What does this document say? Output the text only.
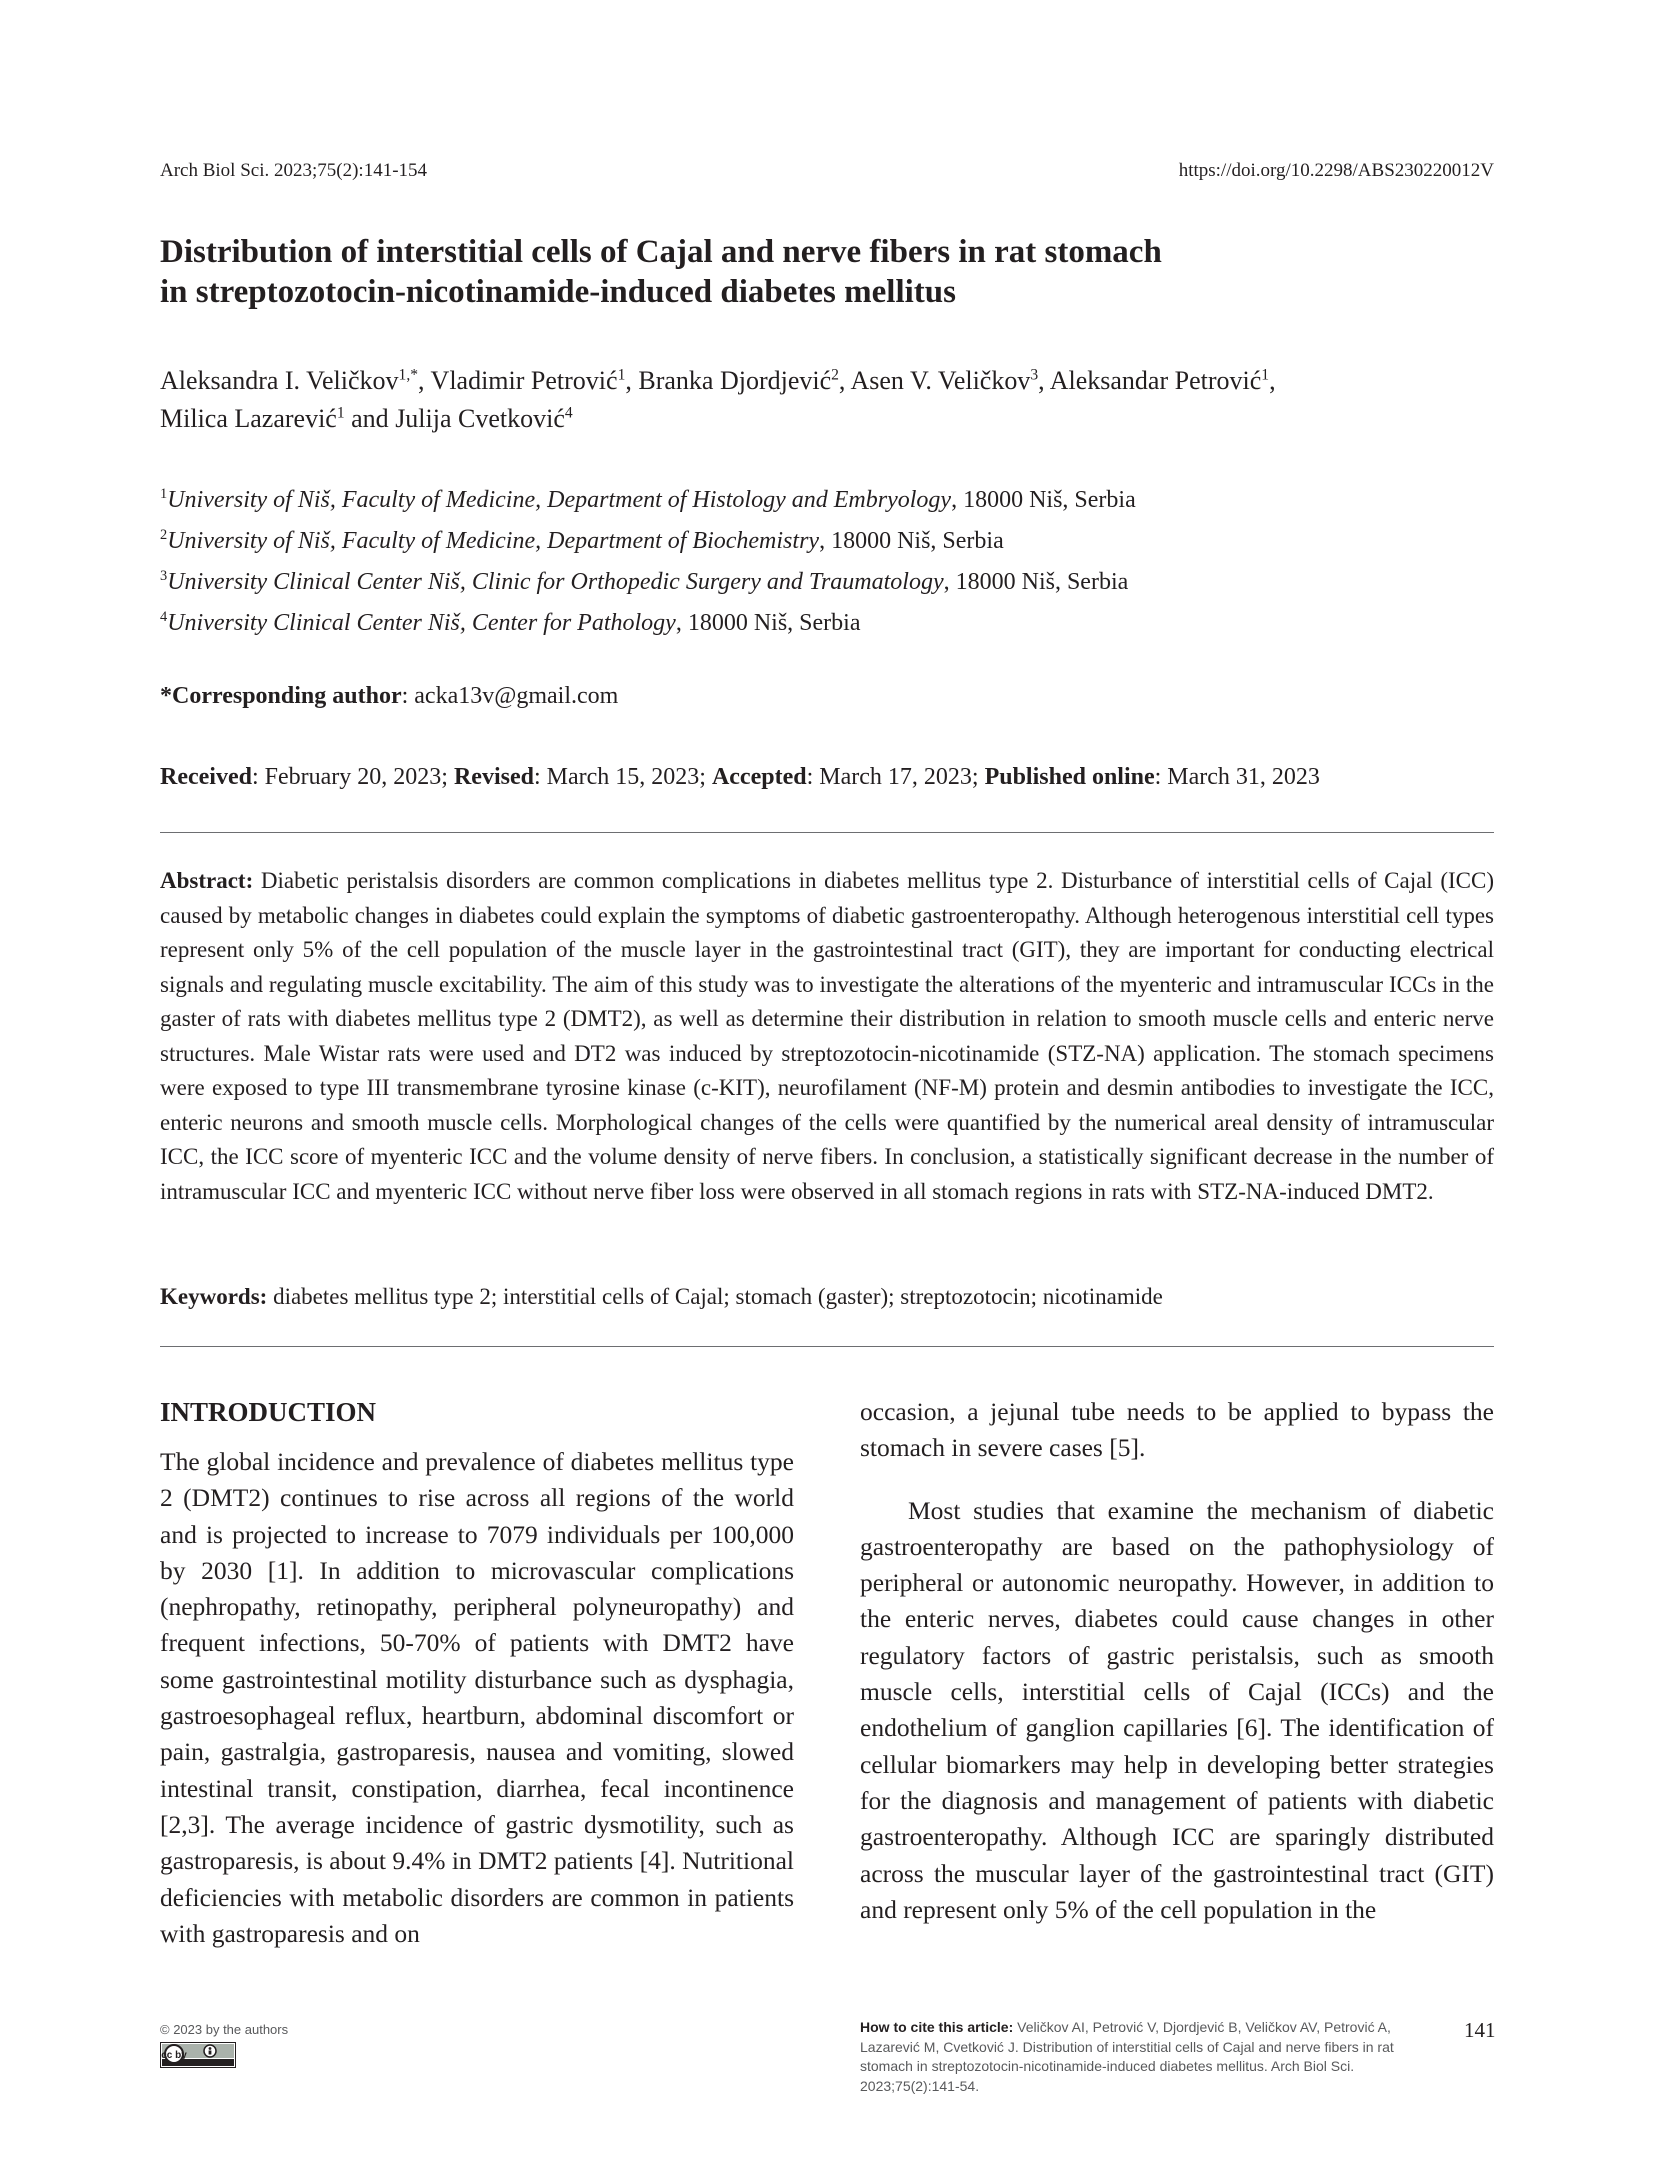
Arch Biol Sci. 2023;75(2):141-154	https://doi.org/10.2298/ABS230220012V
Distribution of interstitial cells of Cajal and nerve fibers in rat stomach
in streptozotocin-nicotinamide-induced diabetes mellitus
Aleksandra I. Veličkov$^{1,*}$, Vladimir Petrović$^1$, Branka Djordjević$^2$, Asen V. Veličkov$^3$, Aleksandar Petrović$^1$,
Milica Lazarević$^1$ and Julija Cvetković$^4$
$^1$University of Niš, Faculty of Medicine, Department of Histology and Embryology, 18000 Niš, Serbia
$^2$University of Niš, Faculty of Medicine, Department of Biochemistry, 18000 Niš, Serbia
$^3$University Clinical Center Niš, Clinic for Orthopedic Surgery and Traumatology, 18000 Niš, Serbia
$^4$University Clinical Center Niš, Center for Pathology, 18000 Niš, Serbia
*Corresponding author: acka13v@gmail.com
Received: February 20, 2023; Revised: March 15, 2023; Accepted: March 17, 2023; Published online: March 31, 2023
Abstract: Diabetic peristalsis disorders are common complications in diabetes mellitus type 2. Disturbance of interstitial cells of Cajal (ICC) caused by metabolic changes in diabetes could explain the symptoms of diabetic gastroenteropathy. Although heterogenous interstitial cell types represent only 5% of the cell population of the muscle layer in the gastrointestinal tract (GIT), they are important for conducting electrical signals and regulating muscle excitability. The aim of this study was to investigate the alterations of the myenteric and intramuscular ICCs in the gaster of rats with diabetes mellitus type 2 (DMT2), as well as determine their distribution in relation to smooth muscle cells and enteric nerve structures. Male Wistar rats were used and DT2 was induced by streptozotocin-nicotinamide (STZ-NA) application. The stomach specimens were exposed to type III transmembrane tyrosine kinase (c-KIT), neurofilament (NF-M) protein and desmin antibodies to investigate the ICC, enteric neurons and smooth muscle cells. Morphological changes of the cells were quantified by the numerical areal density of intramuscular ICC, the ICC score of myenteric ICC and the volume density of nerve fibers. In conclusion, a statistically significant decrease in the number of intramuscular ICC and myenteric ICC without nerve fiber loss were observed in all stomach regions in rats with STZ-NA-induced DMT2.
Keywords: diabetes mellitus type 2; interstitial cells of Cajal; stomach (gaster); streptozotocin; nicotinamide
INTRODUCTION

The global incidence and prevalence of diabetes mellitus type 2 (DMT2) continues to rise across all regions of the world and is projected to increase to 7079 individuals per 100,000 by 2030 [1]. In addition to microvascular complications (nephropathy, retinopathy, peripheral polyneuropathy) and frequent infections, 50-70% of patients with DMT2 have some gastrointestinal motility disturbance such as dysphagia, gastroesophageal reflux, heartburn, abdominal discomfort or pain, gastralgia, gastroparesis, nausea and vomiting, slowed intestinal transit, constipation, diarrhea, fecal incontinence [2,3]. The average incidence of gastric dysmotility, such as gastroparesis, is about 9.4% in DMT2 patients [4]. Nutritional deficiencies with metabolic disorders are common in patients with gastroparesis and on

occasion, a jejunal tube needs to be applied to bypass the stomach in severe cases [5].

Most studies that examine the mechanism of diabetic gastroenteropathy are based on the pathophysiology of peripheral or autonomic neuropathy. However, in addition to the enteric nerves, diabetes could cause changes in other regulatory factors of gastric peristalsis, such as smooth muscle cells, interstitial cells of Cajal (ICCs) and the endothelium of ganglion capillaries [6]. The identification of cellular biomarkers may help in developing better strategies for the diagnosis and management of patients with diabetic gastroenteropathy. Although ICC are sparingly distributed across the muscular layer of the gastrointestinal tract (GIT) and represent only 5% of the cell population in the

© 2023 by the authors
cc by
How to cite this article: Veličkov AI, Petrović V, Djordjević B, Veličkov AV, Petrović A, Lazarević M, Cvetković J. Distribution of interstitial cells of Cajal and nerve fibers in rat stomach in streptozotocin-nicotinamide-induced diabetes mellitus. Arch Biol Sci. 2023;75(2):141-54.
141
